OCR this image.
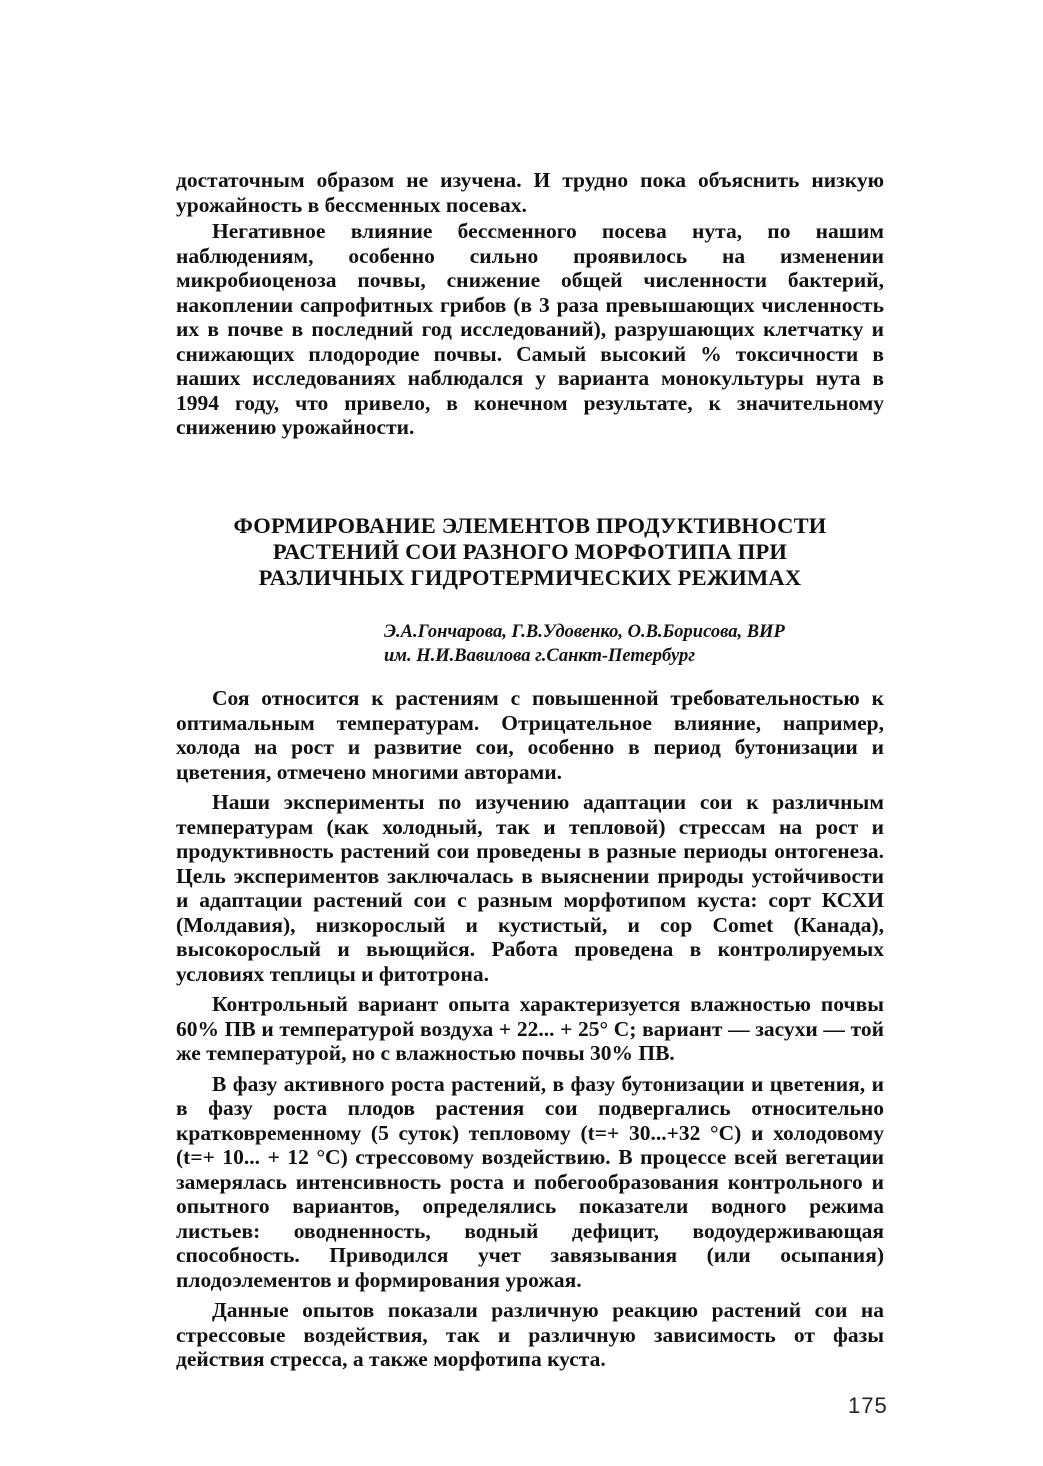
достаточным образом не изучена. И трудно пока объяснить низкую урожайность в бессменных посевах.

Негативное влияние бессменного посева нута, по нашим наблюдениям, особенно сильно проявилось на изменении микробиоценоза почвы, снижение общей численности бактерий, накоплении сапрофитных грибов (в 3 раза превышающих численность их в почве в последний год исследований), разрушающих клетчатку и снижающих плодородие почвы. Самый высокий % токсичности в наших исследованиях наблюдался у варианта монокультуры нута в 1994 году, что привело, в конечном результате, к значительному снижению урожайности.

ФОРМИРОВАНИЕ ЭЛЕМЕНТОВ ПРОДУКТИВНОСТИ
РАСТЕНИЙ СОИ РАЗНОГО МОРФОТИПА ПРИ
РАЗЛИЧНЫХ ГИДРОТЕРМИЧЕСКИХ РЕЖИМАХ
Э.А.Гончарова, Г.В.Удовенко, О.В.Борисова, ВИР
им. Н.И.Вавилова г.Санкт-Петербург

Соя относится к растениям с повышенной требовательностью к оптимальным температурам. Отрицательное влияние, например, холода на рост и развитие сои, особенно в период бутонизации и цветения, отмечено многими авторами.

Наши эксперименты по изучению адаптации сои к различным температурам (как холодный, так и тепловой) стрессам на рост и продуктивность растений сои проведены в разные периоды онтогенеза. Цель экспериментов заключалась в выяснении природы устойчивости и адаптации растений сои с разным морфотипом куста: сорт КСХИ (Молдавия), низкорослый и кустистый, и сор Comet (Канада), высокорослый и вьющийся. Работа проведена в контролируемых условиях теплицы и фитотрона.

Контрольный вариант опыта характеризуется влажностью почвы 60% ПВ и температурой воздуха + 22... + 25° С; вариант — засухи — той же температурой, но с влажностью почвы 30% ПВ.

В фазу активного роста растений, в фазу бутонизации и цветения, и в фазу роста плодов растения сои подвергались относительно кратковременному (5 суток) тепловому (t=+ 30...+32 °С) и холодовому (t=+ 10... + 12 °С) стрессовому воздействию. В процессе всей вегетации замерялась интенсивность роста и побегообразования контрольного и опытного вариантов, определялись показатели водного режима листьев: оводненность, водный дефицит, водоудерживающая способность. Приводился учет завязывания (или осыпания) плодоэлементов и формирования урожая.

Данные опытов показали различную реакцию растений сои на стрессовые воздействия, так и различную зависимость от фазы действия стресса, а также морфотипа куста.

175
